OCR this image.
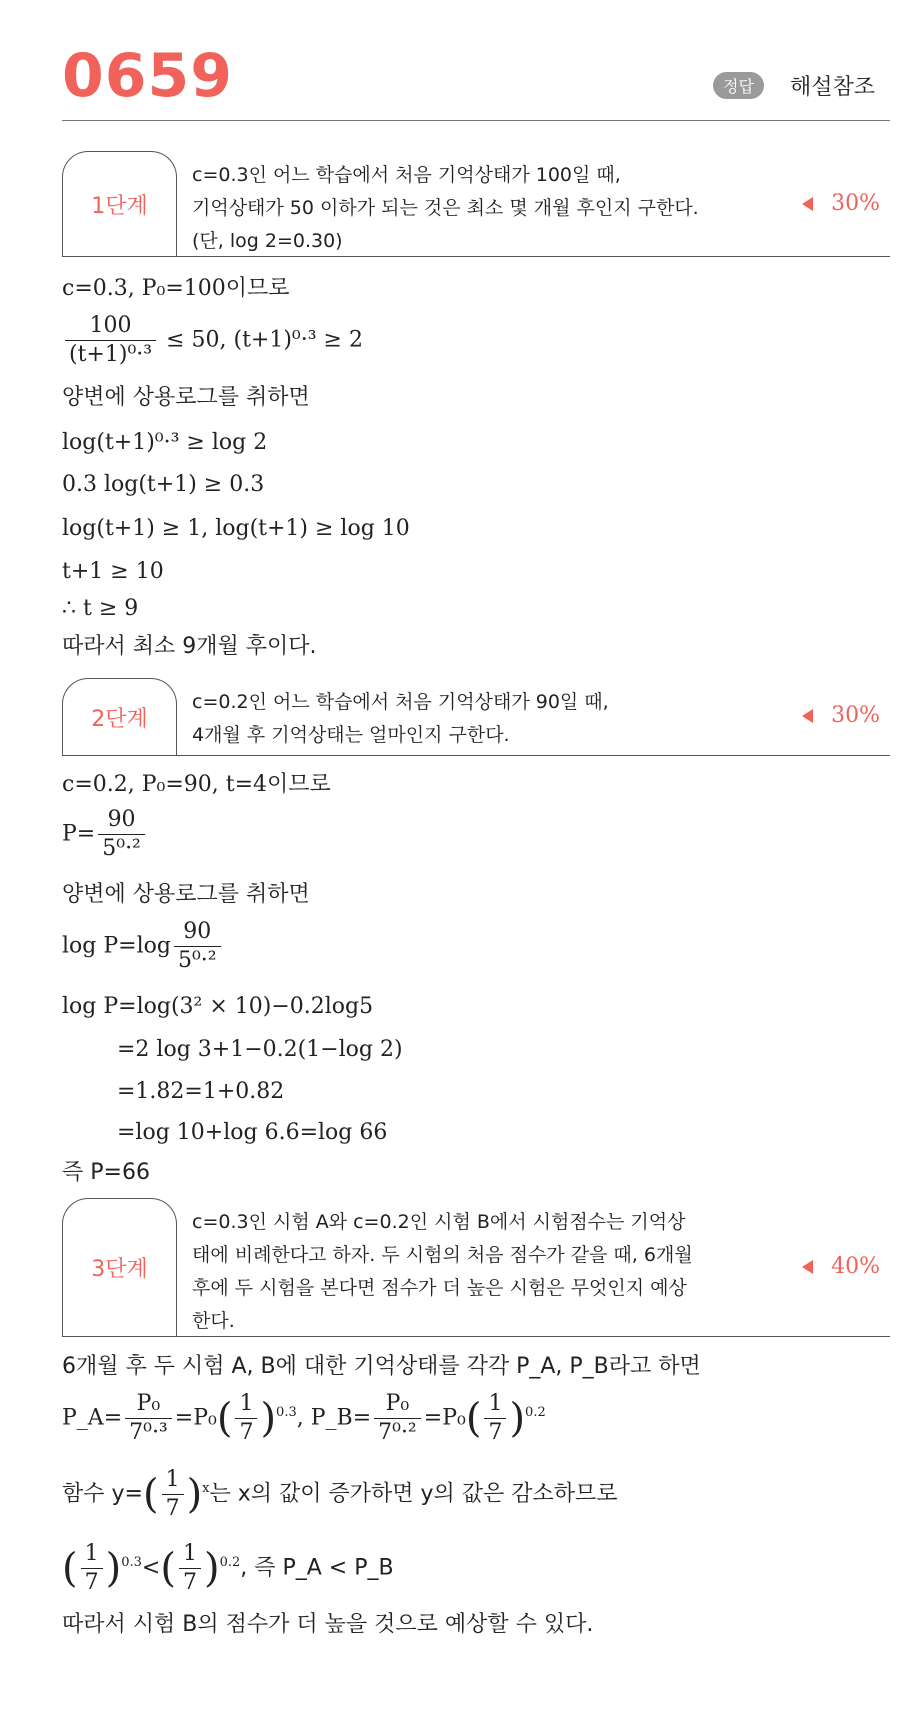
0659	정답	해설참조
1단계
c=0.3인 어느 학습에서 처음 기억상태가 100일 때,
기억상태가 50 이하가 되는 것은 최소 몇 개월 후인지 구한다.
(단, log 2=0.30)
30%
c=0.3, P₀=100이므로
$\frac{100}{\text{(t+1)⁰·³}} \le 50$, (t+1)⁰·³ ≥ 2
양변에 상용로그를 취하면
log(t+1)⁰·³ ≥ log 2
0.3 log(t+1) ≥ 0.3
log(t+1) ≥ 1, log(t+1) ≥ log 10
t+1 ≥ 10
∴ t ≥ 9
따라서 최소 9개월 후이다.
2단계
c=0.2인 어느 학습에서 처음 기억상태가 90일 때,
4개월 후 기억상태는 얼마인지 구한다.
30%
c=0.2, P₀=90, t=4이므로
$P= \frac{90}{\text{5⁰·²}}$
양변에 상용로그를 취하면
$\log P=\log \frac{90}{\text{5⁰·²}}$
log P=log(3² × 10)−0.2log5
=2 log 3+1−0.2(1−log 2)
=1.82=1+0.82
=log 10+log 6.6=log 66
즉 P=66
3단계
c=0.3인 시험 A와 c=0.2인 시험 B에서 시험점수는 기억상
태에 비례한다고 하자. 두 시험의 처음 점수가 같을 때, 6개월
후에 두 시험을 본다면 점수가 더 높은 시험은 무엇인지 예상
한다.
40%
6개월 후 두 시험 A, B에 대한 기억상태를 각각 P_A, P_B라고 하면
P_A= $\frac{\text{P₀}}{\text{7⁰·³}} =P_0( \frac{1}{7} )^{0.3}$, P_B= $\frac{\text{P₀}}{\text{7⁰·²}} =P_0( \frac{1}{7} )^{0.2}$
함수 $y=( \frac{1}{7} )^x$는 x의 값이 증가하면 y의 값은 감소하므로
( $\frac{1}{7} )^{0.3}<( \frac{1}{7} )^{0.2}$, 즉 P_A < P_B
따라서 시험 B의 점수가 더 높을 것으로 예상할 수 있다.
